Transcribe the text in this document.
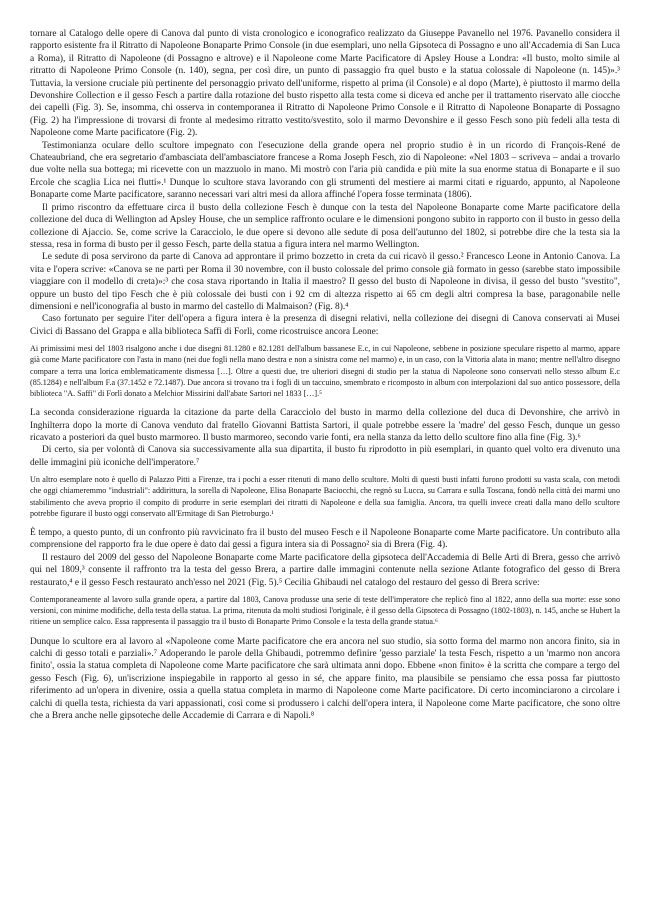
tornare al Catalogo delle opere di Canova dal punto di vista cronologico e iconografico realizzato da Giuseppe Pavanello nel 1976. Pavanello considera il rapporto esistente fra il Ritratto di Napoleone Bonaparte Primo Console (in due esemplari, uno nella Gipsoteca di Possagno e uno all'Accademia di San Luca a Roma), il Ritratto di Napoleone (di Possagno e altrove) e il Napoleone come Marte Pacificatore di Apsley House a Londra: «Il busto, molto simile al ritratto di Napoleone Primo Console (n. 140), segna, per così dire, un punto di passaggio fra quel busto e la statua colossale di Napoleone (n. 145)».³ Tuttavia, la versione cruciale più pertinente del personaggio privato dell'uniforme, rispetto al prima (il Console) e al dopo (Marte), è piuttosto il marmo della Devonshire Collection e il gesso Fesch a partire dalla rotazione del busto rispetto alla testa come si diceva ed anche per il trattamento riservato alle ciocche dei capelli (Fig. 3). Se, insomma, chi osserva in contemporanea il Ritratto di Napoleone Primo Console e il Ritratto di Napoleone Bonaparte di Possagno (Fig. 2) ha l'impressione di trovarsi di fronte al medesimo ritratto vestito/svestito, solo il marmo Devonshire e il gesso Fesch sono più fedeli alla testa di Napoleone come Marte pacificatore (Fig. 2).

Testimonianza oculare dello scultore impegnato con l'esecuzione della grande opera nel proprio studio è in un ricordo di François-René de Chateaubriand, che era segretario d'ambasciata dell'ambasciatore francese a Roma Joseph Fesch, zio di Napoleone: «Nel 1803 – scriveva – andai a trovarlo due volte nella sua bottega; mi ricevette con un mazzuolo in mano. Mi mostrò con l'aria più candida e più mite la sua enorme statua di Bonaparte e il suo Ercole che scaglia Lica nei flutti».¹ Dunque lo scultore stava lavorando con gli strumenti del mestiere ai marmi citati e riguardo, appunto, al Napoleone Bonaparte come Marte pacificatore, saranno necessari vari altri mesi da allora affinché l'opera fosse terminata (1806).

Il primo riscontro da effettuare circa il busto della collezione Fesch è dunque con la testa del Napoleone Bonaparte come Marte pacificatore della collezione del duca di Wellington ad Apsley House, che un semplice raffronto oculare e le dimensioni pongono subito in rapporto con il busto in gesso della collezione di Ajaccio. Se, come scrive la Caracciolo, le due opere si devono alle sedute di posa dell'autunno del 1802, si potrebbe dire che la testa sia la stessa, resa in forma di busto per il gesso Fesch, parte della statua a figura intera nel marmo Wellington.

Le sedute di posa servirono da parte di Canova ad approntare il primo bozzetto in creta da cui ricavò il gesso.² Francesco Leone in Antonio Canova. La vita e l'opera scrive: «Canova se ne partì per Roma il 30 novembre, con il busto colossale del primo console già formato in gesso (sarebbe stato impossibile viaggiare con il modello di creta)»:³ che cosa stava riportando in Italia il maestro? Il gesso del busto di Napoleone in divisa, il gesso del busto "svestito", oppure un busto del tipo Fesch che è più colossale dei busti con i 92 cm di altezza rispetto ai 65 cm degli altri compresa la base, paragonabile nelle dimensioni e nell'iconografia al busto in marmo del castello di Malmaison? (Fig. 8).⁴

Caso fortunato per seguire l'iter dell'opera a figura intera è la presenza di disegni relativi, nella collezione dei disegni di Canova conservati ai Musei Civici di Bassano del Grappa e alla biblioteca Saffi di Forlì, come ricostruisce ancora Leone:

Ai primissimi mesi del 1803 risalgono anche i due disegni 81.1280 e 82.1281 dell'album bassanese E.c, in cui Napoleone, sebbene in posizione speculare rispetto al marmo, appare già come Marte pacificatore con l'asta in mano (nei due fogli nella mano destra e non a sinistra come nel marmo) e, in un caso, con la Vittoria alata in mano; mentre nell'altro disegno compare a terra una lorica emblematicamente dismessa […]. Oltre a questi due, tre ulteriori disegni di studio per la statua di Napoleone sono conservati nello stesso album E.c (85.1284) e nell'album F.a (37.1452 e 72.1487). Due ancora si trovano tra i fogli di un taccuino, smembrato e ricomposto in album con interpolazioni dal suo antico possessore, della biblioteca "A. Saffi" di Forlì donato a Melchior Missirini dall'abate Sartori nel 1833 […].⁵

La seconda considerazione riguarda la citazione da parte della Caracciolo del busto in marmo della collezione del duca di Devonshire, che arrivò in Inghilterra dopo la morte di Canova venduto dal fratello Giovanni Battista Sartori, il quale potrebbe essere la 'madre' del gesso Fesch, dunque un gesso ricavato a posteriori da quel busto marmoreo. Il busto marmoreo, secondo varie fonti, era nella stanza da letto dello scultore fino alla fine (Fig. 3).⁶

Di certo, sia per volontà di Canova sia successivamente alla sua dipartita, il busto fu riprodotto in più esemplari, in quanto quel volto era divenuto una delle immagini più iconiche dell'imperatore.⁷

Un altro esemplare noto è quello di Palazzo Pitti a Firenze, tra i pochi a esser ritenuti di mano dello scultore. Molti di questi busti infatti furono prodotti su vasta scala, con metodi che oggi chiameremmo "industriali": addirittura, la sorella di Napoleone, Elisa Bonaparte Baciocchi, che regnò su Lucca, su Carrara e sulla Toscana, fondò nella città dei marmi uno stabilimento che aveva proprio il compito di produrre in serie esemplari dei ritratti di Napoleone e della sua famiglia. Ancora, tra quelli invece creati dalla mano dello scultore potrebbe figurare il busto oggi conservato all'Ermitage di San Pietroburgo.¹

È tempo, a questo punto, di un confronto più ravvicinato fra il busto del museo Fesch e il Napoleone Bonaparte come Marte pacificatore. Un contributo alla comprensione del rapporto fra le due opere è dato dai gessi a figura intera sia di Possagno² sia di Brera (Fig. 4).

Il restauro del 2009 del gesso del Napoleone Bonaparte come Marte pacificatore della gipsoteca dell'Accademia di Belle Arti di Brera, gesso che arrivò qui nel 1809,³ consente il raffronto tra la testa del gesso Brera, a partire dalle immagini contenute nella sezione Atlante fotografico del gesso di Brera restaurato,⁴ e il gesso Fesch restaurato anch'esso nel 2021 (Fig. 5).⁵ Cecilia Ghibaudi nel catalogo del restauro del gesso di Brera scrive:

Contemporaneamente al lavoro sulla grande opera, a partire dal 1803, Canova produsse una serie di teste dell'imperatore che replicò fino al 1822, anno della sua morte: esse sono versioni, con minime modifiche, della testa della statua. La prima, ritenuta da molti studiosi l'originale, è il gesso della Gipsoteca di Possagno (1802-1803), n. 145, anche se Hubert la ritiene un semplice calco. Essa rappresenta il passaggio tra il busto di Bonaparte Primo Console e la testa della grande statua.⁶

Dunque lo scultore era al lavoro al «Napoleone come Marte pacificatore che era ancora nel suo studio, sia sotto forma del marmo non ancora finito, sia in calchi di gesso totali e parziali».⁷ Adoperando le parole della Ghibaudi, potremmo definire 'gesso parziale' la testa Fesch, rispetto a un 'marmo non ancora finito', ossia la statua completa di Napoleone come Marte pacificatore che sarà ultimata anni dopo. Ebbene «non finito» è la scritta che compare a tergo del gesso Fesch (Fig. 6), un'iscrizione inspiegabile in rapporto al gesso in sé, che appare finito, ma plausibile se pensiamo che essa possa far piuttosto riferimento ad un'opera in divenire, ossia a quella statua completa in marmo di Napoleone come Marte pacificatore. Di certo incominciarono a circolare i calchi di quella testa, richiesta da vari appassionati, così come si produssero i calchi dell'opera intera, il Napoleone come Marte pacificatore, che sono oltre che a Brera anche nelle gipsoteche delle Accademie di Carrara e di Napoli.⁸
